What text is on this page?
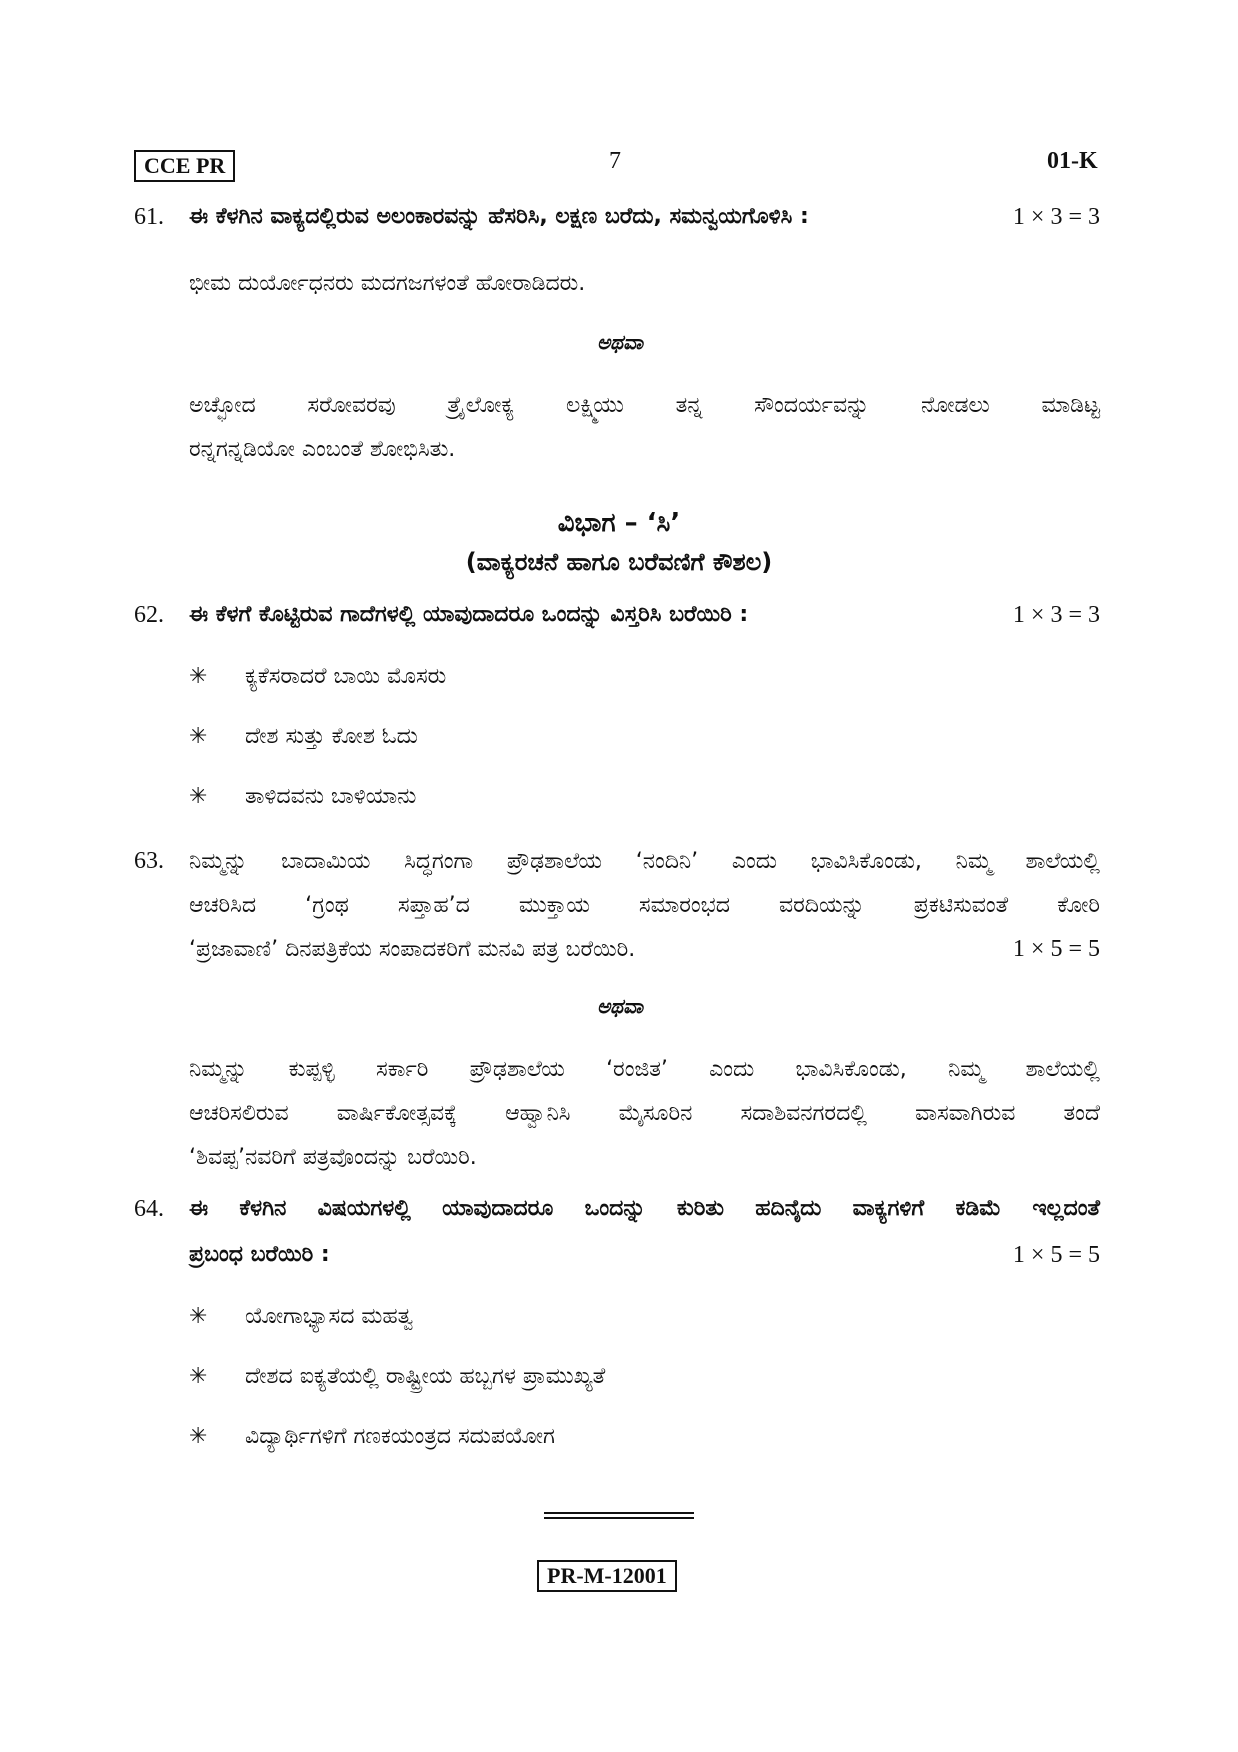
CCE PR	7	01-K
61. ಈ ಕೆಳಗಿನ ವಾಕ್ಯದಲ್ಲಿರುವ ಅಲಂಕಾರವನ್ನು ಹೆಸರಿಸಿ, ಲಕ್ಷಣ ಬರೆದು, ಸಮನ್ವಯಗೊಳಿಸಿ :	1 × 3 = 3
ಭೀಮ ದುರ್ಯೋಧನರು ಮದಗಜಗಳಂತೆ ಹೋರಾಡಿದರು.
ಅಥವಾ
ಅಚ್ಛೋದ ಸರೋವರವು ತ್ರೈಲೋಕ್ಯ ಲಕ್ಷ್ಮಿಯು ತನ್ನ ಸೌಂದರ್ಯವನ್ನು ನೋಡಲು ಮಾಡಿಟ್ಟ
ರನ್ನಗನ್ನಡಿಯೋ ಎಂಬಂತೆ ಶೋಭಿಸಿತು.
ವಿಭಾಗ – ‘ಸಿ’
(ವಾಕ್ಯರಚನೆ ಹಾಗೂ ಬರೆವಣಿಗೆ ಕೌಶಲ)
62. ಈ ಕೆಳಗೆ ಕೊಟ್ಟಿರುವ ಗಾದೆಗಳಲ್ಲಿ ಯಾವುದಾದರೂ ಒಂದನ್ನು ವಿಸ್ತರಿಸಿ ಬರೆಯಿರಿ :	1 × 3 = 3
✳ ಕ್ಯಕೆಸರಾದರೆ ಬಾಯಿ ಮೊಸರು
✳ ದೇಶ ಸುತ್ತು ಕೋಶ ಓದು
✳ ತಾಳಿದವನು ಬಾಳಿಯಾನು
63. ನಿಮ್ಮನ್ನು ಬಾದಾಮಿಯ ಸಿದ್ಧಗಂಗಾ ಪ್ರೌಢಶಾಲೆಯ ‘ನಂದಿನಿ’ ಎಂದು ಭಾವಿಸಿಕೊಂಡು, ನಿಮ್ಮ ಶಾಲೆಯಲ್ಲಿ
ಆಚರಿಸಿದ ‘ಗ್ರಂಥ ಸಪ್ತಾಹ’ದ ಮುಕ್ತಾಯ ಸಮಾರಂಭದ ವರದಿಯನ್ನು ಪ್ರಕಟಿಸುವಂತೆ ಕೋರಿ
‘ಪ್ರಜಾವಾಣಿ’ ದಿನಪತ್ರಿಕೆಯ ಸಂಪಾದಕರಿಗೆ ಮನವಿ ಪತ್ರ ಬರೆಯಿರಿ.	1 × 5 = 5
ಅಥವಾ
ನಿಮ್ಮನ್ನು ಕುಪ್ಪಳ್ಳಿ ಸರ್ಕಾರಿ ಪ್ರೌಢಶಾಲೆಯ ‘ರಂಜಿತ’ ಎಂದು ಭಾವಿಸಿಕೊಂಡು, ನಿಮ್ಮ ಶಾಲೆಯಲ್ಲಿ
ಆಚರಿಸಲಿರುವ ವಾರ್ಷಿಕೋತ್ಸವಕ್ಕೆ ಆಹ್ವಾನಿಸಿ ಮೈಸೂರಿನ ಸದಾಶಿವನಗರದಲ್ಲಿ ವಾಸವಾಗಿರುವ ತಂದೆ
‘ಶಿವಪ್ಪ’ನವರಿಗೆ ಪತ್ರವೊಂದನ್ನು ಬರೆಯಿರಿ.
64. ಈ ಕೆಳಗಿನ ವಿಷಯಗಳಲ್ಲಿ ಯಾವುದಾದರೂ ಒಂದನ್ನು ಕುರಿತು ಹದಿನೈದು ವಾಕ್ಯಗಳಿಗೆ ಕಡಿಮೆ ಇಲ್ಲದಂತೆ
ಪ್ರಬಂಧ ಬರೆಯಿರಿ :	1 × 5 = 5
✳ ಯೋಗಾಭ್ಯಾಸದ ಮಹತ್ವ
✳ ದೇಶದ ಐಕ್ಯತೆಯಲ್ಲಿ ರಾಷ್ಟ್ರೀಯ ಹಬ್ಬಗಳ ಪ್ರಾಮುಖ್ಯತೆ
✳ ವಿದ್ಯಾರ್ಥಿಗಳಿಗೆ ಗಣಕಯಂತ್ರದ ಸದುಪಯೋಗ
PR-M-12001
